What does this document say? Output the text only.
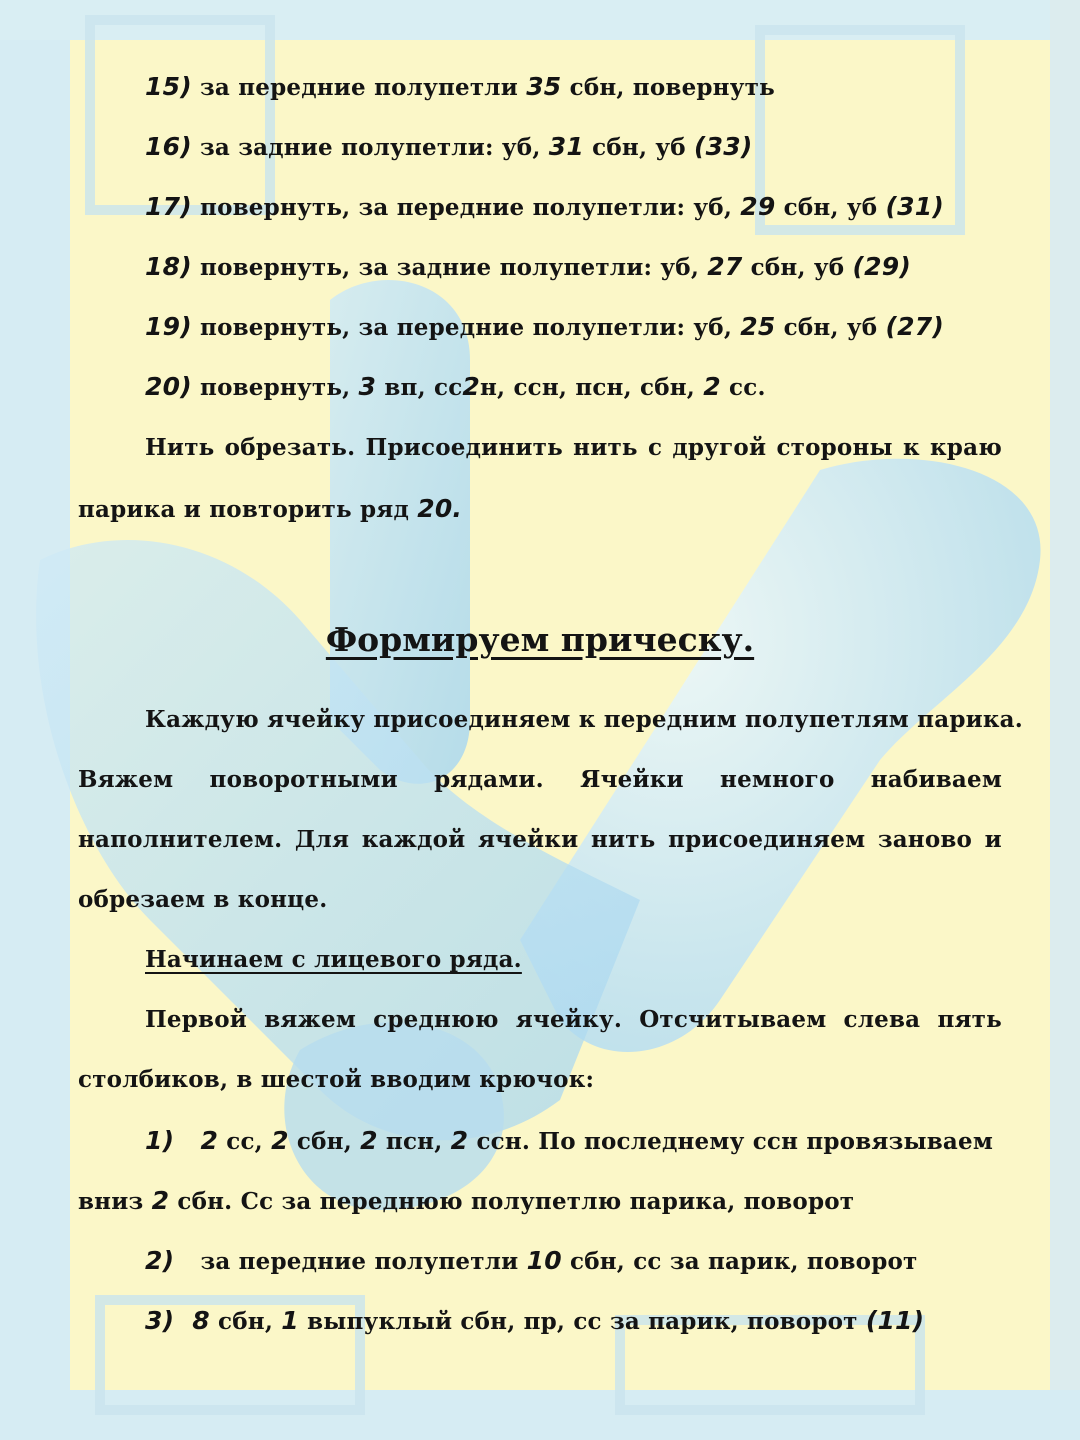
15) за передние полупетли 35 сбн, повернуть
16) за задние полупетли: уб, 31 сбн, уб (33)
17) повернуть, за передние полупетли: уб, 29 сбн, уб (31)
18) повернуть, за задние полупетли: уб, 27 сбн, уб (29)
19) повернуть, за передние полупетли: уб, 25 сбн, уб (27)
20) повернуть, 3 вп, сс2н, ссн, псн, сбн, 2 сс.
Нить обрезать. Присоединить нить с другой стороны к краю
парика и повторить ряд 20.
Формируем прическу.
Каждую ячейку присоединяем к передним полупетлям парика.
Вяжем поворотными рядами. Ячейки немного набиваем
наполнителем. Для каждой ячейки нить присоединяем заново и
обрезаем в конце.
Начинаем с лицевого ряда.
Первой вяжем среднюю ячейку. Отсчитываем слева пять
столбиков, в шестой вводим крючок:
1) 2 сс, 2 сбн, 2 псн, 2 ссн. По последнему ссн провязываем
вниз 2 сбн. Сс за переднюю полупетлю парика, поворот
2) за передние полупетли 10 сбн, сс за парик, поворот
3) 8 сбн, 1 выпуклый сбн, пр, сс за парик, поворот (11)
